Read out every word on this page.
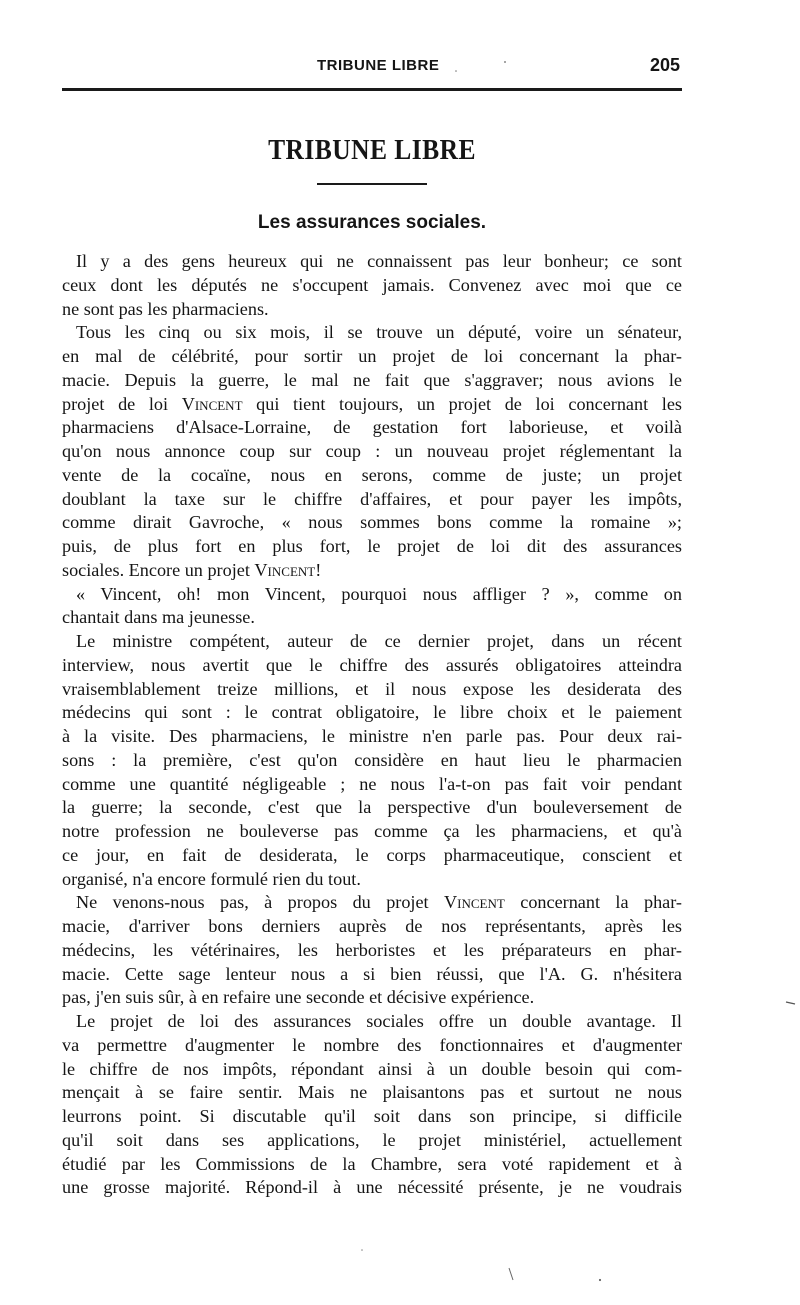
TRIBUNE LIBRE	205
TRIBUNE LIBRE
Les assurances sociales.
Il y a des gens heureux qui ne connaissent pas leur bonheur; ce sont
ceux dont les députés ne s'occupent jamais. Convenez avec moi que ce
ne sont pas les pharmaciens.
Tous les cinq ou six mois, il se trouve un député, voire un sénateur,
en mal de célébrité, pour sortir un projet de loi concernant la phar-
macie. Depuis la guerre, le mal ne fait que s'aggraver; nous avions le
projet de loi Vincent qui tient toujours, un projet de loi concernant les
pharmaciens d'Alsace-Lorraine, de gestation fort laborieuse, et voilà
qu'on nous annonce coup sur coup : un nouveau projet réglementant la
vente de la cocaïne, nous en serons, comme de juste; un projet
doublant la taxe sur le chiffre d'affaires, et pour payer les impôts,
comme dirait Gavroche, « nous sommes bons comme la romaine »;
puis, de plus fort en plus fort, le projet de loi dit des assurances
sociales. Encore un projet Vincent!
« Vincent, oh! mon Vincent, pourquoi nous affliger ? », comme on
chantait dans ma jeunesse.
Le ministre compétent, auteur de ce dernier projet, dans un récent
interview, nous avertit que le chiffre des assurés obligatoires atteindra
vraisemblablement treize millions, et il nous expose les desiderata des
médecins qui sont : le contrat obligatoire, le libre choix et le paiement
à la visite. Des pharmaciens, le ministre n'en parle pas. Pour deux rai-
sons : la première, c'est qu'on considère en haut lieu le pharmacien
comme une quantité négligeable ; ne nous l'a-t-on pas fait voir pendant
la guerre; la seconde, c'est que la perspective d'un bouleversement de
notre profession ne bouleverse pas comme ça les pharmaciens, et qu'à
ce jour, en fait de desiderata, le corps pharmaceutique, conscient et
organisé, n'a encore formulé rien du tout.
Ne venons-nous pas, à propos du projet Vincent concernant la phar-
macie, d'arriver bons derniers auprès de nos représentants, après les
médecins, les vétérinaires, les herboristes et les préparateurs en phar-
macie. Cette sage lenteur nous a si bien réussi, que l'A. G. n'hésitera
pas, j'en suis sûr, à en refaire une seconde et décisive expérience.
Le projet de loi des assurances sociales offre un double avantage. Il
va permettre d'augmenter le nombre des fonctionnaires et d'augmenter
le chiffre de nos impôts, répondant ainsi à un double besoin qui com-
mençait à se faire sentir. Mais ne plaisantons pas et surtout ne nous
leurrons point. Si discutable qu'il soit dans son principe, si difficile
qu'il soit dans ses applications, le projet ministériel, actuellement
étudié par les Commissions de la Chambre, sera voté rapidement et à
une grosse majorité. Répond-il à une nécessité présente, je ne voudrais
